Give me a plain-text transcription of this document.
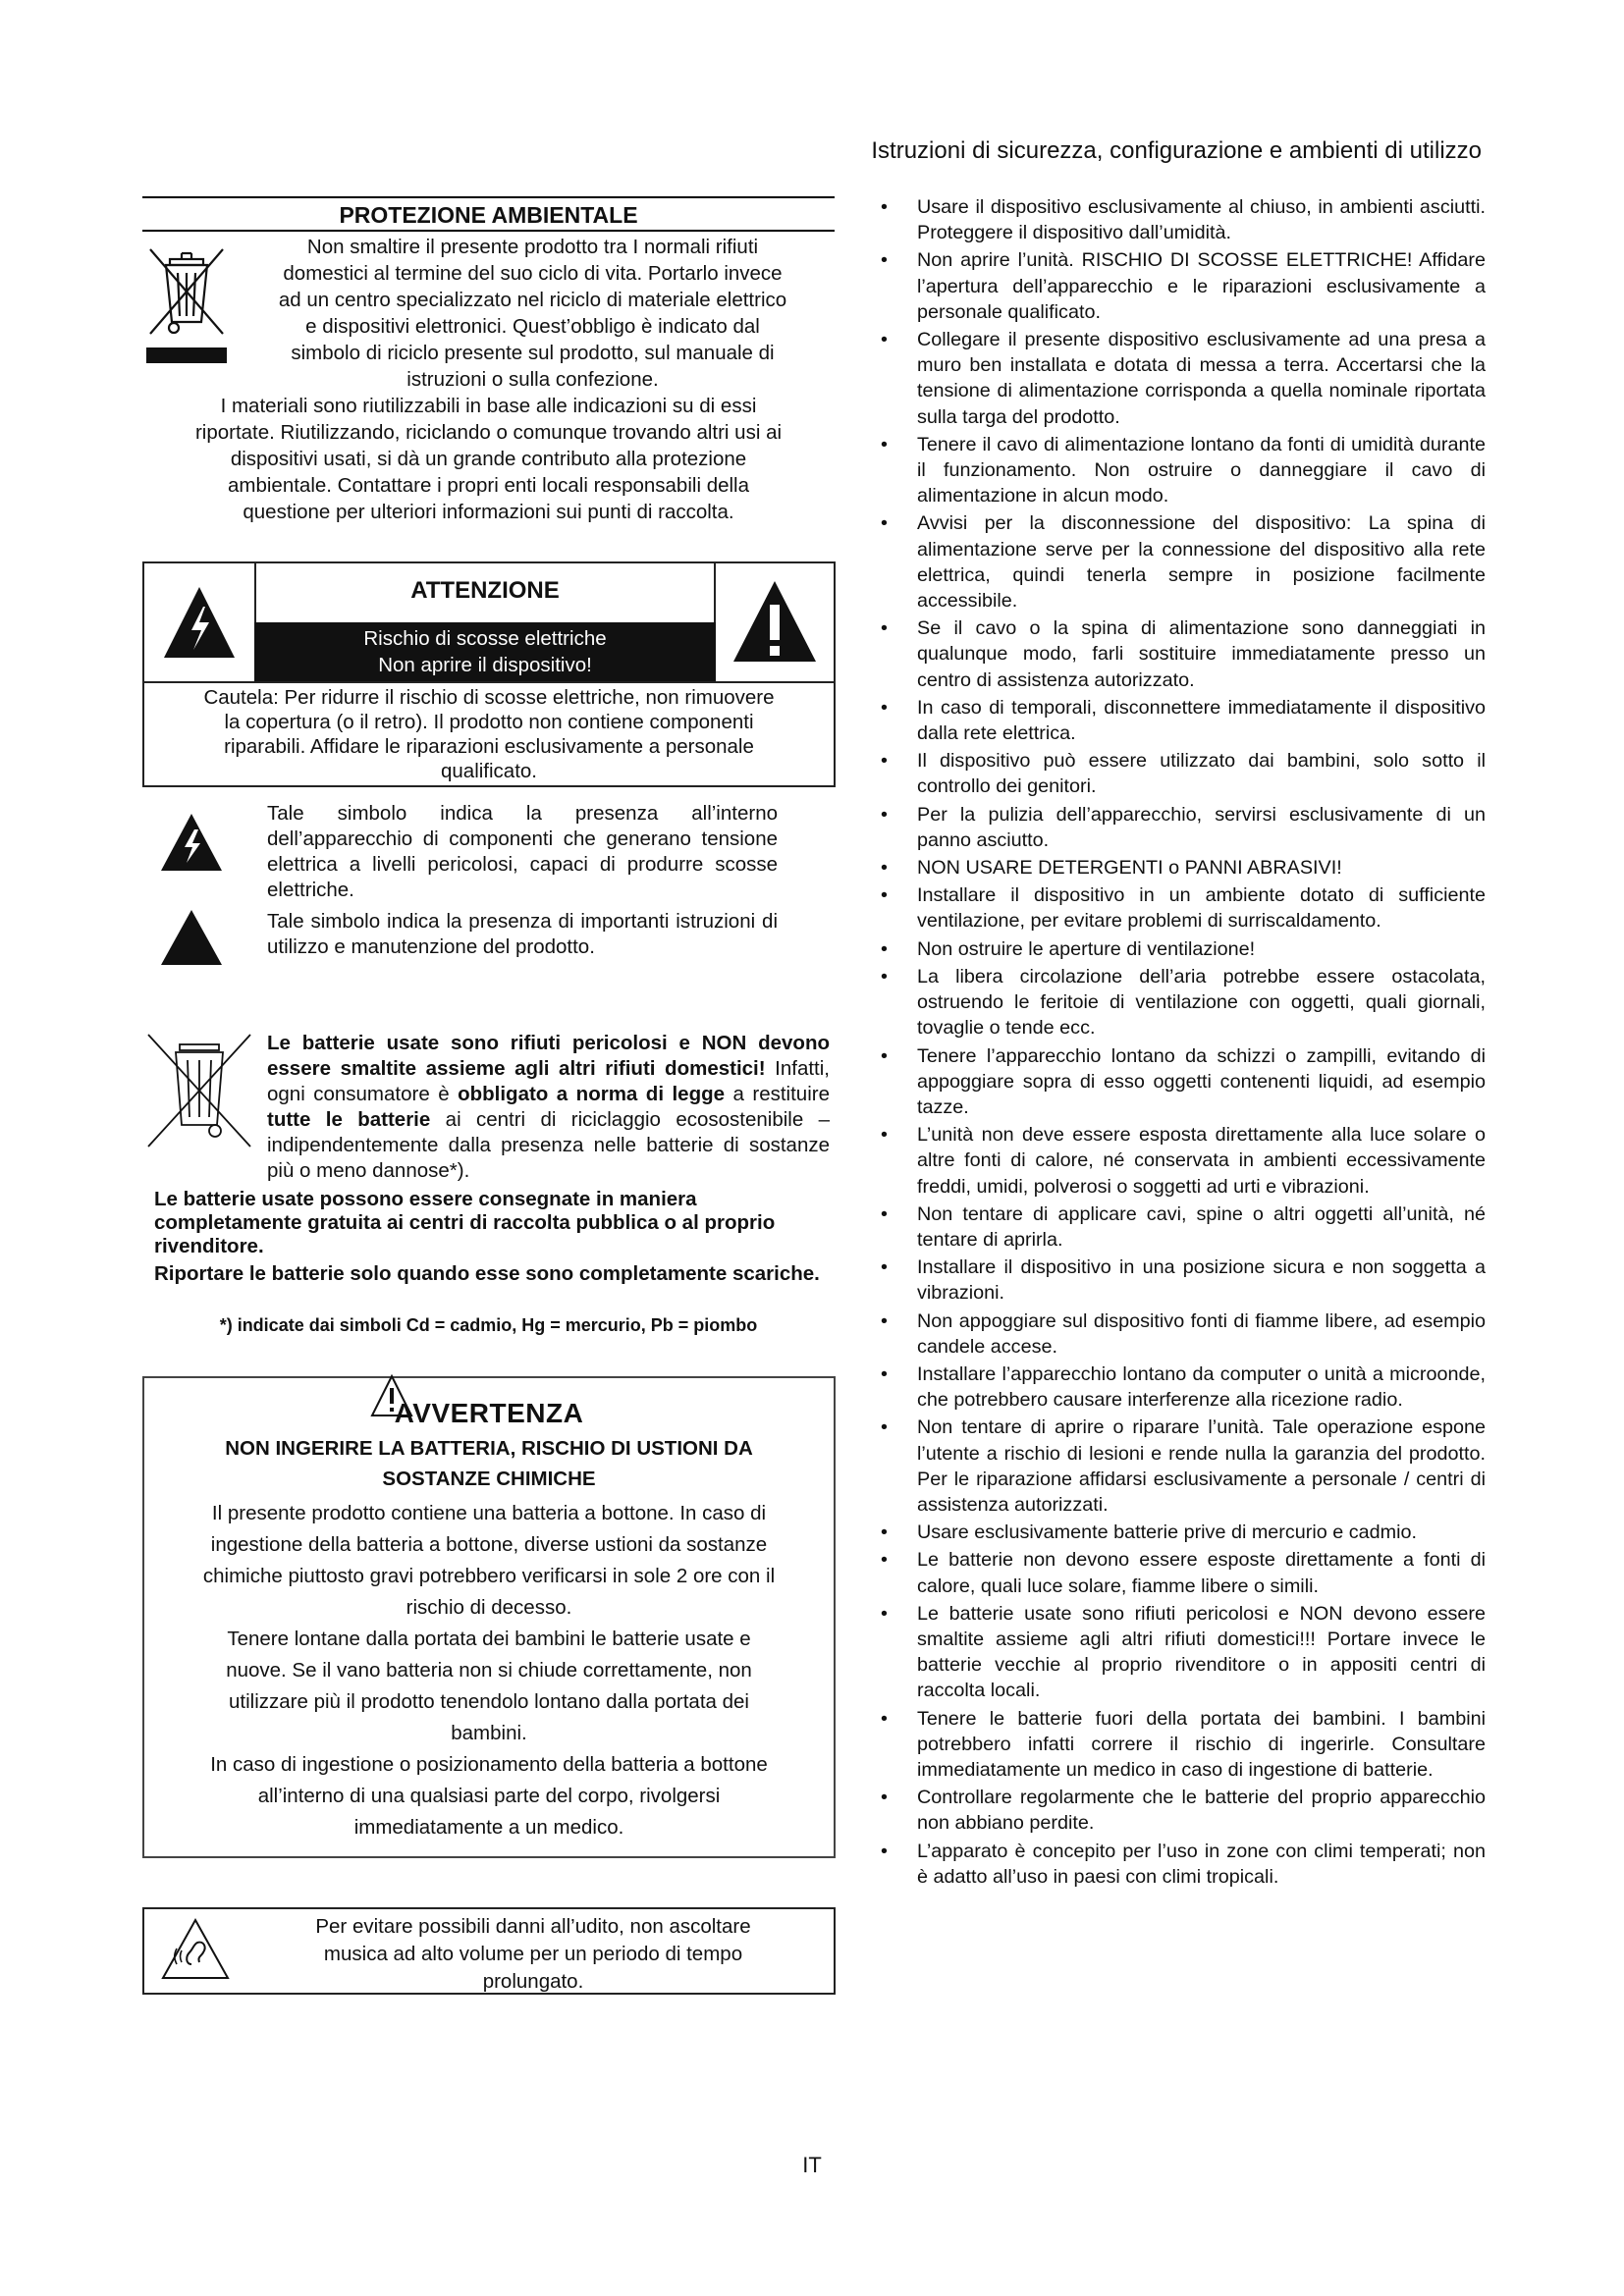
Istruzioni di sicurezza, configurazione e ambienti di utilizzo
PROTEZIONE AMBIENTALE
Non smaltire il presente prodotto tra I normali rifiuti
domestici al termine del suo ciclo di vita. Portarlo invece
ad un centro specializzato nel riciclo di materiale elettrico
e dispositivi elettronici. Quest’obbligo è indicato dal
simbolo di riciclo presente sul prodotto, sul manuale di
istruzioni o sulla confezione.
I materiali sono riutilizzabili in base alle indicazioni su di essi
riportate. Riutilizzando, riciclando o comunque trovando altri usi ai
dispositivi usati, si dà un grande contributo alla protezione
ambientale. Contattare i propri enti locali responsabili della
questione per ulteriori informazioni sui punti di raccolta.
ATTENZIONE
Rischio di scosse elettriche
Non aprire il dispositivo!
Cautela: Per ridurre il rischio di scosse elettriche, non rimuovere
la copertura (o il retro). Il prodotto non contiene componenti
riparabili. Affidare le riparazioni esclusivamente a personale
qualificato.
Tale simbolo indica la presenza all’interno dell’apparecchio di componenti che generano tensione elettrica a livelli pericolosi, capaci di produrre scosse elettriche.
Tale simbolo indica la presenza di importanti istruzioni di utilizzo e manutenzione del prodotto.
Le batterie usate sono rifiuti pericolosi e NON devono essere smaltite assieme agli altri rifiuti domestici! Infatti, ogni consumatore è obbligato a norma di legge a restituire tutte le batterie ai centri di riciclaggio ecosostenibile – indipendentemente dalla presenza nelle batterie di sostanze più o meno dannose*).
Le batterie usate possono essere consegnate in maniera completamente gratuita ai centri di raccolta pubblica o al proprio rivenditore.
Riportare le batterie solo quando esse sono completamente scariche.
*) indicate dai simboli Cd = cadmio, Hg = mercurio, Pb = piombo
AVVERTENZA
NON INGERIRE LA BATTERIA, RISCHIO DI USTIONI DA
SOSTANZE CHIMICHE
Il presente prodotto contiene una batteria a bottone. In caso di
ingestione della batteria a bottone, diverse ustioni da sostanze
chimiche piuttosto gravi potrebbero verificarsi in sole 2 ore con il
rischio di decesso.
Tenere lontane dalla portata dei bambini le batterie usate e
nuove. Se il vano batteria non si chiude correttamente, non
utilizzare più il prodotto tenendolo lontano dalla portata dei
bambini.
In caso di ingestione o posizionamento della batteria a bottone
all’interno di una qualsiasi parte del corpo, rivolgersi
immediatamente a un medico.
Per evitare possibili danni all’udito, non ascoltare
musica ad alto volume per un periodo di tempo
prolungato.
• Usare il dispositivo esclusivamente al chiuso, in ambienti asciutti. Proteggere il dispositivo dall’umidità.
• Non aprire l’unità. RISCHIO DI SCOSSE ELETTRICHE! Affidare l’apertura dell’apparecchio e le riparazioni esclusivamente a personale qualificato.
• Collegare il presente dispositivo esclusivamente ad una presa a muro ben installata e dotata di messa a terra. Accertarsi che la tensione di alimentazione corrisponda a quella nominale riportata sulla targa del prodotto.
• Tenere il cavo di alimentazione lontano da fonti di umidità durante il funzionamento. Non ostruire o danneggiare il cavo di alimentazione in alcun modo.
• Avvisi per la disconnessione del dispositivo: La spina di alimentazione serve per la connessione del dispositivo alla rete elettrica, quindi tenerla sempre in posizione facilmente accessibile.
• Se il cavo o la spina di alimentazione sono danneggiati in qualunque modo, farli sostituire immediatamente presso un centro di assistenza autorizzato.
• In caso di temporali, disconnettere immediatamente il dispositivo dalla rete elettrica.
• Il dispositivo può essere utilizzato dai bambini, solo sotto il controllo dei genitori.
• Per la pulizia dell’apparecchio, servirsi esclusivamente di un panno asciutto.
• NON USARE DETERGENTI o PANNI ABRASIVI!
• Installare il dispositivo in un ambiente dotato di sufficiente ventilazione, per evitare problemi di surriscaldamento.
• Non ostruire le aperture di ventilazione!
• La libera circolazione dell’aria potrebbe essere ostacolata, ostruendo le feritoie di ventilazione con oggetti, quali giornali, tovaglie o tende ecc.
• Tenere l’apparecchio lontano da schizzi o zampilli, evitando di appoggiare sopra di esso oggetti contenenti liquidi, ad esempio tazze.
• L’unità non deve essere esposta direttamente alla luce solare o altre fonti di calore, né conservata in ambienti eccessivamente freddi, umidi, polverosi o soggetti ad urti e vibrazioni.
• Non tentare di applicare cavi, spine o altri oggetti all’unità, né tentare di aprirla.
• Installare il dispositivo in una posizione sicura e non soggetta a vibrazioni.
• Non appoggiare sul dispositivo fonti di fiamme libere, ad esempio candele accese.
• Installare l’apparecchio lontano da computer o unità a microonde, che potrebbero causare interferenze alla ricezione radio.
• Non tentare di aprire o riparare l’unità. Tale operazione espone l’utente a rischio di lesioni e rende nulla la garanzia del prodotto. Per le riparazione affidarsi esclusivamente a personale / centri di assistenza autorizzati.
• Usare esclusivamente batterie prive di mercurio e cadmio.
• Le batterie non devono essere esposte direttamente a fonti di calore, quali luce solare, fiamme libere o simili.
• Le batterie usate sono rifiuti pericolosi e NON devono essere smaltite assieme agli altri rifiuti domestici!!! Portare invece le batterie vecchie al proprio rivenditore o in appositi centri di raccolta locali.
• Tenere le batterie fuori della portata dei bambini. I bambini potrebbero infatti correre il rischio di ingerirle. Consultare immediatamente un medico in caso di ingestione di batterie.
• Controllare regolarmente che le batterie del proprio apparecchio non abbiano perdite.
• L’apparato è concepito per l’uso in zone con climi temperati; non è adatto all’uso in paesi con climi tropicali.
IT
